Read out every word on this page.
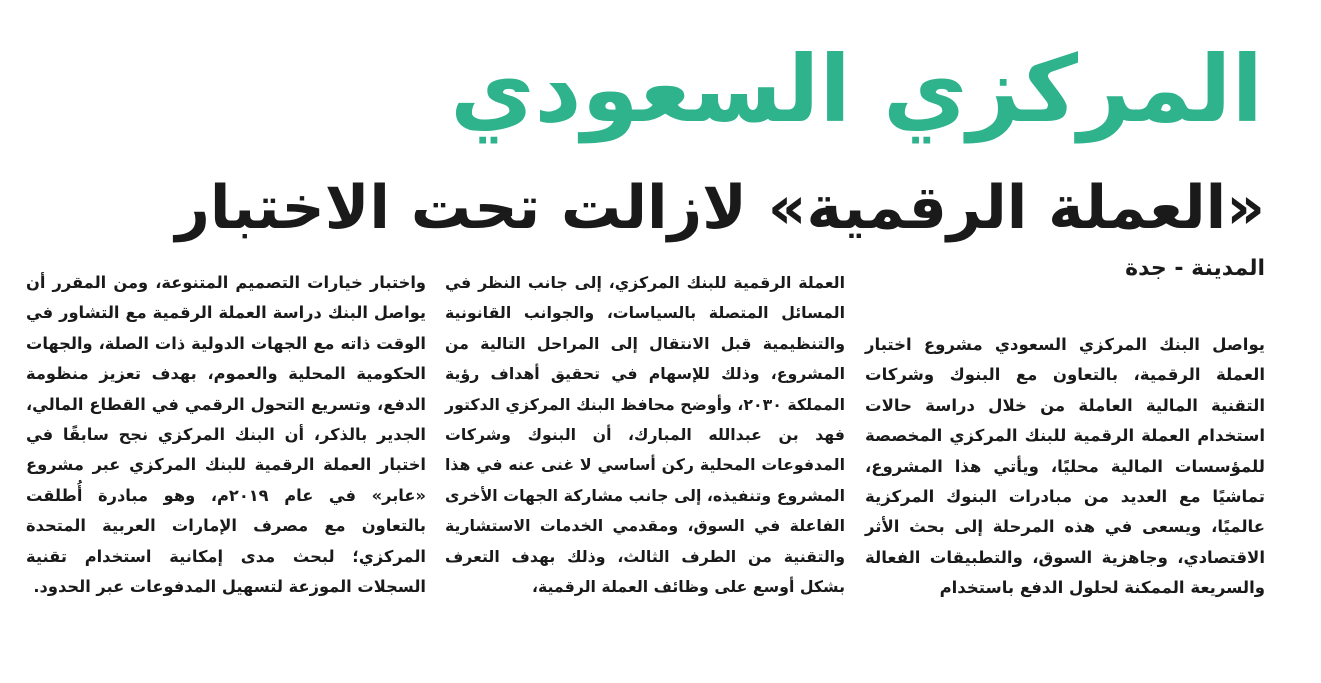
المركزي السعودي
«العملة الرقمية» لازالت تحت الاختبار
المدينة - جدة

يواصل البنك المركزي السعودي مشروع اختبار العملة الرقمية، بالتعاون مع البنوك وشركات التقنية المالية العاملة من خلال دراسة حالات استخدام العملة الرقمية للبنك المركزي المخصصة للمؤسسات المالية محليًا، ويأتي هذا المشروع، تماشيًا مع العديد من مبادرات البنوك المركزية عالميًا، ويسعى في هذه المرحلة إلى بحث الأثر الاقتصادي، وجاهزية السوق، والتطبيقات الفعالة والسريعة الممكنة لحلول الدفع باستخدام

العملة الرقمية للبنك المركزي، إلى جانب النظر في المسائل المتصلة بالسياسات، والجوانب القانونية والتنظيمية قبل الانتقال إلى المراحل التالية من المشروع، وذلك للإسهام في تحقيق أهداف رؤية المملكة ٢٠٣٠، وأوضح محافظ البنك المركزي الدكتور فهد بن عبدالله المبارك، أن البنوك وشركات المدفوعات المحلية ركن أساسي لا غنى عنه في هذا المشروع وتنفيذه، إلى جانب مشاركة الجهات الأخرى الفاعلة في السوق، ومقدمي الخدمات الاستشارية والتقنية من الطرف الثالث، وذلك بهدف التعرف بشكل أوسع على وظائف العملة الرقمية،

واختبار خيارات التصميم المتنوعة، ومن المقرر أن يواصل البنك دراسة العملة الرقمية مع التشاور في الوقت ذاته مع الجهات الدولية ذات الصلة، والجهات الحكومية المحلية والعموم، بهدف تعزيز منظومة الدفع، وتسريع التحول الرقمي في القطاع المالي، الجدير بالذكر، أن البنك المركزي نجح سابقًا في اختبار العملة الرقمية للبنك المركزي عبر مشروع «عابر» في عام ٢٠١٩م، وهو مبادرة أُطلقت بالتعاون مع مصرف الإمارات العربية المتحدة المركزي؛ لبحث مدى إمكانية استخدام تقنية السجلات الموزعة لتسهيل المدفوعات عبر الحدود.
